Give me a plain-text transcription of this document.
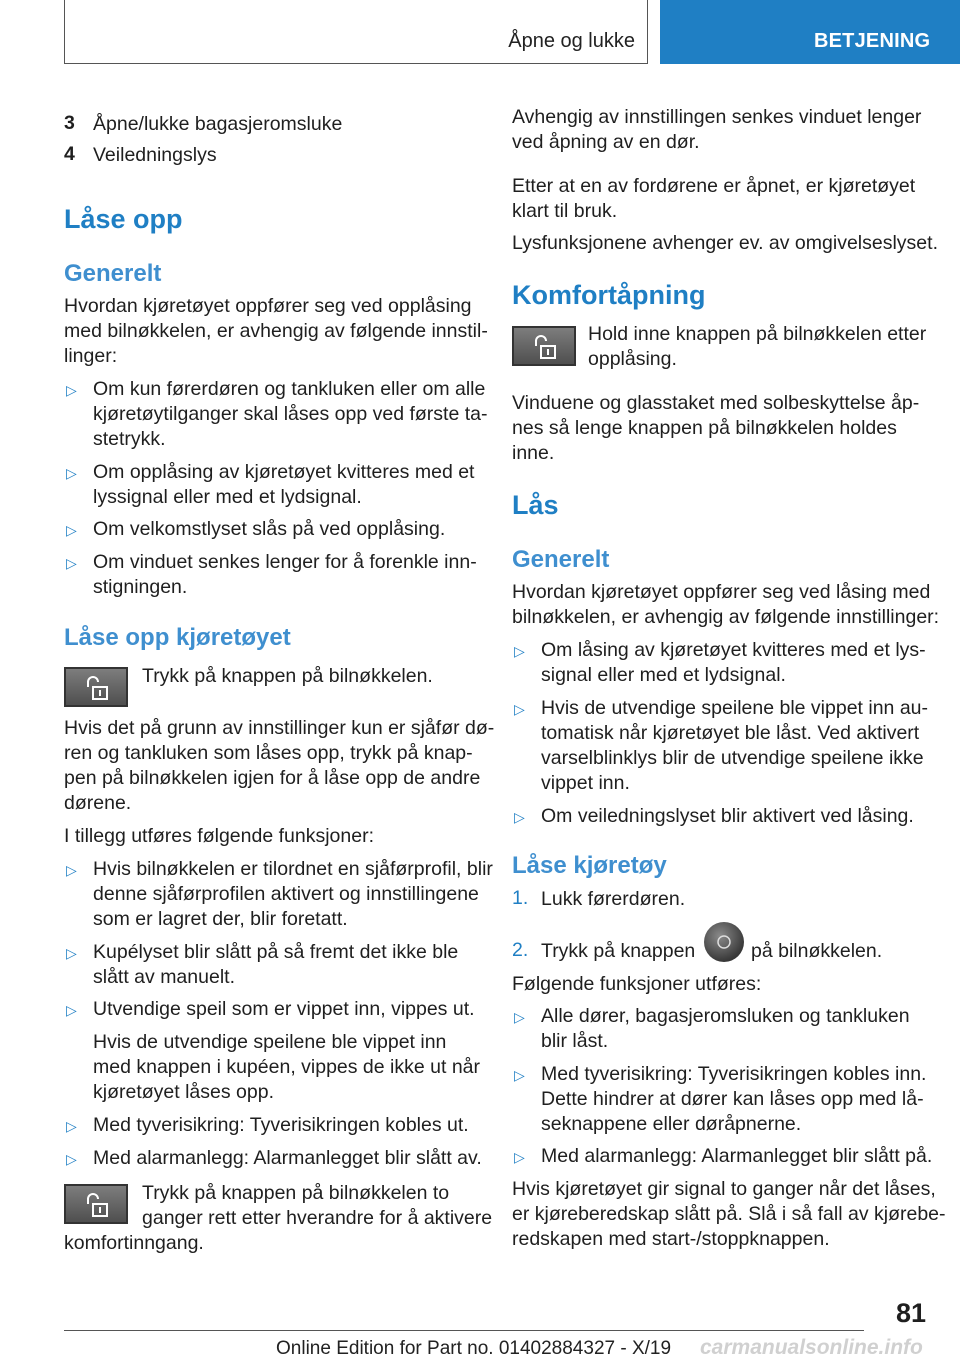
Åpne og lukke	BETJENING
3 Åpne/lukke bagasjeromsluke
4 Veiledningslys
Låse opp
Generelt
Hvordan kjøretøyet oppfører seg ved opplåsing
med bilnøkkelen, er avhengig av følgende innstil-
linger:
▷ Om kun førerdøren og tankluken eller om alle
kjøretøytilganger skal låses opp ved første ta-
stetrykk.
▷ Om opplåsing av kjøretøyet kvitteres med et
lyssignal eller med et lydsignal.
▷ Om velkomstlyset slås på ved opplåsing.
▷ Om vinduet senkes lenger for å forenkle inn-
stigningen.
Låse opp kjøretøyet
Trykk på knappen på bilnøkkelen.
Hvis det på grunn av innstillinger kun er sjåfør dø-
ren og tankluken som låses opp, trykk på knap-
pen på bilnøkkelen igjen for å låse opp de andre
dørene.
I tillegg utføres følgende funksjoner:
▷ Hvis bilnøkkelen er tilordnet en sjåførprofil, blir
denne sjåførprofilen aktivert og innstillingene
som er lagret der, blir foretatt.
▷ Kupélyset blir slått på så fremt det ikke ble
slått av manuelt.
▷ Utvendige speil som er vippet inn, vippes ut.
Hvis de utvendige speilene ble vippet inn
med knappen i kupéen, vippes de ikke ut når
kjøretøyet låses opp.
▷ Med tyverisikring: Tyverisikringen kobles ut.
▷ Med alarmanlegg: Alarmanlegget blir slått av.
Trykk på knappen på bilnøkkelen to
ganger rett etter hverandre for å aktivere
komfortinngang.
Avhengig av innstillingen senkes vinduet lenger
ved åpning av en dør.
Etter at en av fordørene er åpnet, er kjøretøyet
klart til bruk.
Lysfunksjonene avhenger ev. av omgivelseslyset.
Komfortåpning
Hold inne knappen på bilnøkkelen etter
opplåsing.
Vinduene og glasstaket med solbeskyttelse åp-
nes så lenge knappen på bilnøkkelen holdes
inne.
Lås
Generelt
Hvordan kjøretøyet oppfører seg ved låsing med
bilnøkkelen, er avhengig av følgende innstillinger:
▷ Om låsing av kjøretøyet kvitteres med et lys-
signal eller med et lydsignal.
▷ Hvis de utvendige speilene ble vippet inn au-
tomatisk når kjøretøyet ble låst. Ved aktivert
varselblinklys blir de utvendige speilene ikke
vippet inn.
▷ Om veiledningslyset blir aktivert ved låsing.
Låse kjøretøy
1. Lukk førerdøren.
2. Trykk på knappen	på bilnøkkelen.
Følgende funksjoner utføres:
▷ Alle dører, bagasjeromsluken og tankluken
blir låst.
▷ Med tyverisikring: Tyverisikringen kobles inn.
Dette hindrer at dører kan låses opp med lå-
seknappene eller døråpnerne.
▷ Med alarmanlegg: Alarmanlegget blir slått på.
Hvis kjøretøyet gir signal to ganger når det låses,
er kjøreberedskap slått på. Slå i så fall av kjørebe-
redskapen med start-/stoppknappen.
81
carmanualsonline.info
Online Edition for Part no. 01402884327 - X/19
